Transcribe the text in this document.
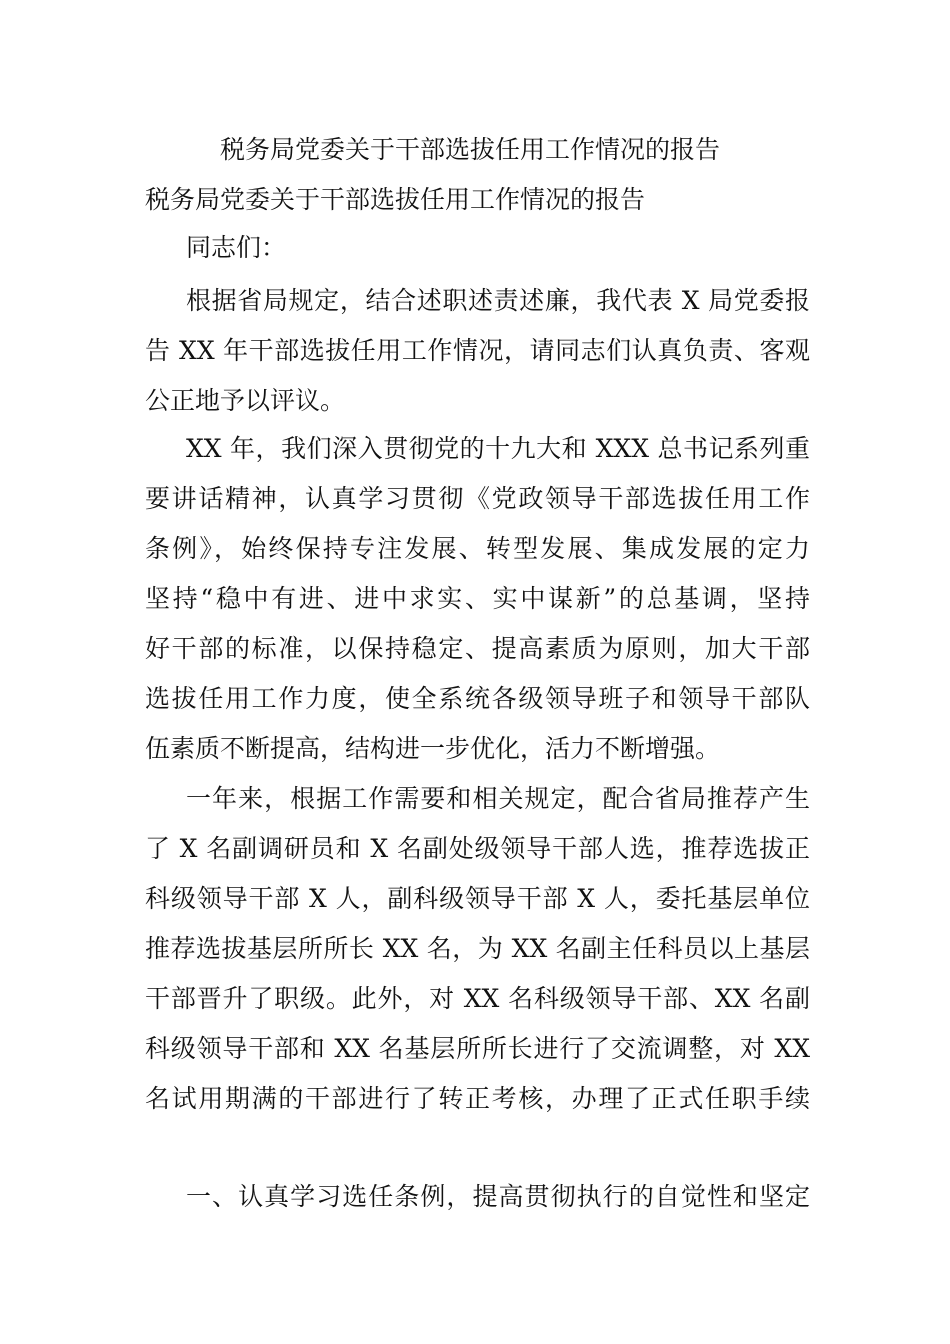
税务局党委关于干部选拔任用工作情况的报告
税务局党委关于干部选拔任用工作情况的报告
同志们：
根据省局规定，结合述职述责述廉，我代表 X 局党委报
告 XX 年干部选拔任用工作情况，请同志们认真负责、客观
公正地予以评议。
XX 年，我们深入贯彻党的十九大和 XXX 总书记系列重
要讲话精神，认真学习贯彻《党政领导干部选拔任用工作
条例》，始终保持专注发展、转型发展、集成发展的定力
坚持“稳中有进、进中求实、实中谋新”的总基调，坚持
好干部的标准，以保持稳定、提高素质为原则，加大干部
选拔任用工作力度，使全系统各级领导班子和领导干部队
伍素质不断提高，结构进一步优化，活力不断增强。
一年来，根据工作需要和相关规定，配合省局推荐产生
了 X 名副调研员和 X 名副处级领导干部人选，推荐选拔正
科级领导干部 X 人，副科级领导干部 X 人，委托基层单位
推荐选拔基层所所长 XX 名，为 XX 名副主任科员以上基层
干部晋升了职级。此外，对 XX 名科级领导干部、XX 名副
科级领导干部和 XX 名基层所所长进行了交流调整，对 XX
名试用期满的干部进行了转正考核，办理了正式任职手续
一、认真学习选任条例，提高贯彻执行的自觉性和坚定
